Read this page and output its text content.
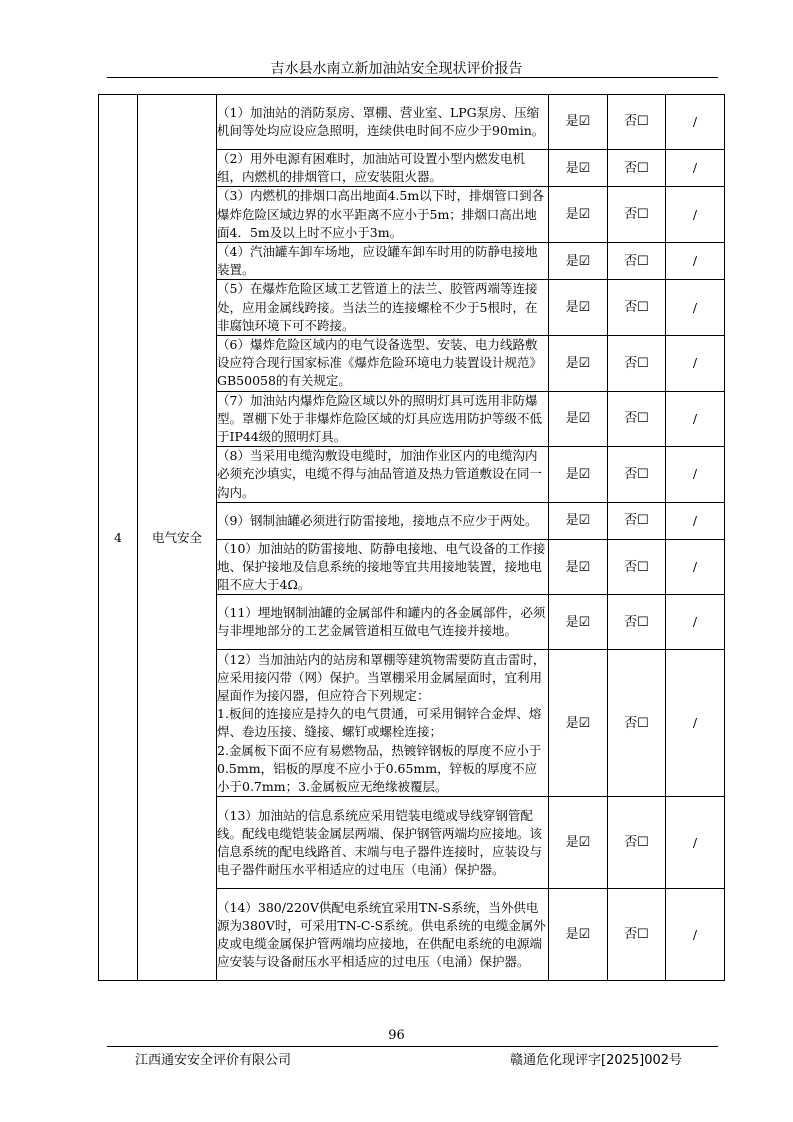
吉水县水南立新加油站安全现状评价报告
4	电气安全	（1）加油站的消防泵房、罩棚、营业室、LPG泵房、压缩机间等处均应设应急照明，连续供电时间不应少于90min。	是☑	否☐	/

		（2）用外电源有困难时，加油站可设置小型内燃发电机组，内燃机的排烟管口，应安装阻火器。	是☑	否☐	/

		（3）内燃机的排烟口高出地面4.5m以下时，排烟管口到各爆炸危险区域边界的水平距离不应小于5m；排烟口高出地面4．5m及以上时不应小于3m。	是☑	否☐	/

		（4）汽油罐车卸车场地，应设罐车卸车时用的防静电接地装置。	是☑	否☐	/

		（5）在爆炸危险区域工艺管道上的法兰、胶管两端等连接处，应用金属线跨接。当法兰的连接螺栓不少于5根时，在非腐蚀环境下可不跨接。	是☑	否☐	/

		（6）爆炸危险区域内的电气设备选型、安装、电力线路敷设应符合现行国家标准《爆炸危险环境电力装置设计规范》GB50058的有关规定。	是☑	否☐	/

		（7）加油站内爆炸危险区域以外的照明灯具可选用非防爆型。罩棚下处于非爆炸危险区域的灯具应选用防护等级不低于IP44级的照明灯具。	是☑	否☐	/

		（8）当采用电缆沟敷设电缆时，加油作业区内的电缆沟内必须充沙填实，电缆不得与油品管道及热力管道敷设在同一沟内。	是☑	否☐	/

		（9）钢制油罐必须进行防雷接地，接地点不应少于两处。	是☑	否☐	/

		（10）加油站的防雷接地、防静电接地、电气设备的工作接地、保护接地及信息系统的接地等宜共用接地装置，接地电阻不应大于4Ω。	是☑	否☐	/

		（11）埋地钢制油罐的金属部件和罐内的各金属部件，必须与非埋地部分的工艺金属管道相互做电气连接并接地。	是☑	否☐	/

		（12）当加油站内的站房和罩棚等建筑物需要防直击雷时，应采用接闪带（网）保护。当罩棚采用金属屋面时，宜利用屋面作为接闪器，但应符合下列规定：
1.板间的连接应是持久的电气贯通，可采用铜锌合金焊、熔焊、卷边压接、缝接、螺钉或螺栓连接；
2.金属板下面不应有易燃物品，热镀锌钢板的厚度不应小于0.5mm，铝板的厚度不应小于0.65mm，锌板的厚度不应小于0.7mm；3.金属板应无绝缘被覆层。	是☑	否☐	/

		（13）加油站的信息系统应采用铠装电缆或导线穿钢管配线。配线电缆铠装金属层两端、保护钢管两端均应接地。该信息系统的配电线路首、末端与电子器件连接时，应装设与电子器件耐压水平相适应的过电压（电涌）保护器。	是☑	否☐	/

		（14）380/220V供配电系统宜采用TN-S系统，当外供电源为380V时，可采用TN-C-S系统。供电系统的电缆金属外皮或电缆金属保护管两端均应接地，在供配电系统的电源端应安装与设备耐压水平相适应的过电压（电涌）保护器。	是☑	否☐	/
96
江西通安安全评价有限公司	赣通危化现评字[2025]002号
